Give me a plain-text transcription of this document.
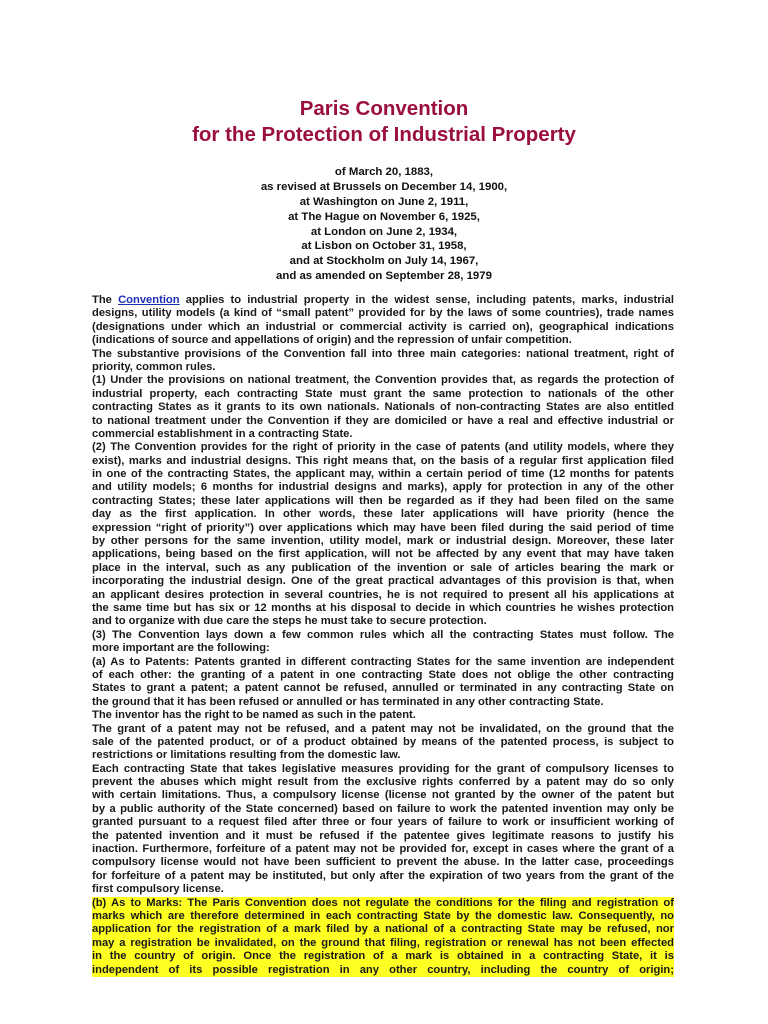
Paris Convention
for the Protection of Industrial Property
of March 20, 1883,
as revised at Brussels on December 14, 1900,
at Washington on June 2, 1911,
at The Hague on November 6, 1925,
at London on June 2, 1934,
at Lisbon on October 31, 1958,
and at Stockholm on July 14, 1967,
and as amended on September 28, 1979
The Convention applies to industrial property in the widest sense, including patents, marks, industrial
designs, utility models (a kind of “small patent” provided for by the laws of some countries), trade names
(designations under which an industrial or commercial activity is carried on), geographical indications
(indications of source and appellations of origin) and the repression of unfair competition.
The substantive provisions of the Convention fall into three main categories: national treatment, right of
priority, common rules.
(1) Under the provisions on national treatment, the Convention provides that, as regards the protection of
industrial property, each contracting State must grant the same protection to nationals of the other
contracting States as it grants to its own nationals. Nationals of non-contracting States are also entitled
to national treatment under the Convention if they are domiciled or have a real and effective industrial or
commercial establishment in a contracting State.
(2) The Convention provides for the right of priority in the case of patents (and utility models, where they
exist), marks and industrial designs. This right means that, on the basis of a regular first application filed
in one of the contracting States, the applicant may, within a certain period of time (12 months for patents
and utility models; 6 months for industrial designs and marks), apply for protection in any of the other
contracting States; these later applications will then be regarded as if they had been filed on the same
day as the first application. In other words, these later applications will have priority (hence the
expression “right of priority”) over applications which may have been filed during the said period of time
by other persons for the same invention, utility model, mark or industrial design. Moreover, these later
applications, being based on the first application, will not be affected by any event that may have taken
place in the interval, such as any publication of the invention or sale of articles bearing the mark or
incorporating the industrial design. One of the great practical advantages of this provision is that, when
an applicant desires protection in several countries, he is not required to present all his applications at
the same time but has six or 12 months at his disposal to decide in which countries he wishes protection
and to organize with due care the steps he must take to secure protection.
(3) The Convention lays down a few common rules which all the contracting States must follow. The
more important are the following:
(a) As to Patents: Patents granted in different contracting States for the same invention are independent
of each other: the granting of a patent in one contracting State does not oblige the other contracting
States to grant a patent; a patent cannot be refused, annulled or terminated in any contracting State on
the ground that it has been refused or annulled or has terminated in any other contracting State.
The inventor has the right to be named as such in the patent.
The grant of a patent may not be refused, and a patent may not be invalidated, on the ground that the
sale of the patented product, or of a product obtained by means of the patented process, is subject to
restrictions or limitations resulting from the domestic law.
Each contracting State that takes legislative measures providing for the grant of compulsory licenses to
prevent the abuses which might result from the exclusive rights conferred by a patent may do so only
with certain limitations. Thus, a compulsory license (license not granted by the owner of the patent but
by a public authority of the State concerned) based on failure to work the patented invention may only be
granted pursuant to a request filed after three or four years of failure to work or insufficient working of
the patented invention and it must be refused if the patentee gives legitimate reasons to justify his
inaction. Furthermore, forfeiture of a patent may not be provided for, except in cases where the grant of a
compulsory license would not have been sufficient to prevent the abuse. In the latter case, proceedings
for forfeiture of a patent may be instituted, but only after the expiration of two years from the grant of the
first compulsory license.
(b) As to Marks: The Paris Convention does not regulate the conditions for the filing and registration of
marks which are therefore determined in each contracting State by the domestic law. Consequently, no
application for the registration of a mark filed by a national of a contracting State may be refused, nor
may a registration be invalidated, on the ground that filing, registration or renewal has not been effected
in the country of origin. Once the registration of a mark is obtained in a contracting State, it is
independent of its possible registration in any other country, including the country of origin;
